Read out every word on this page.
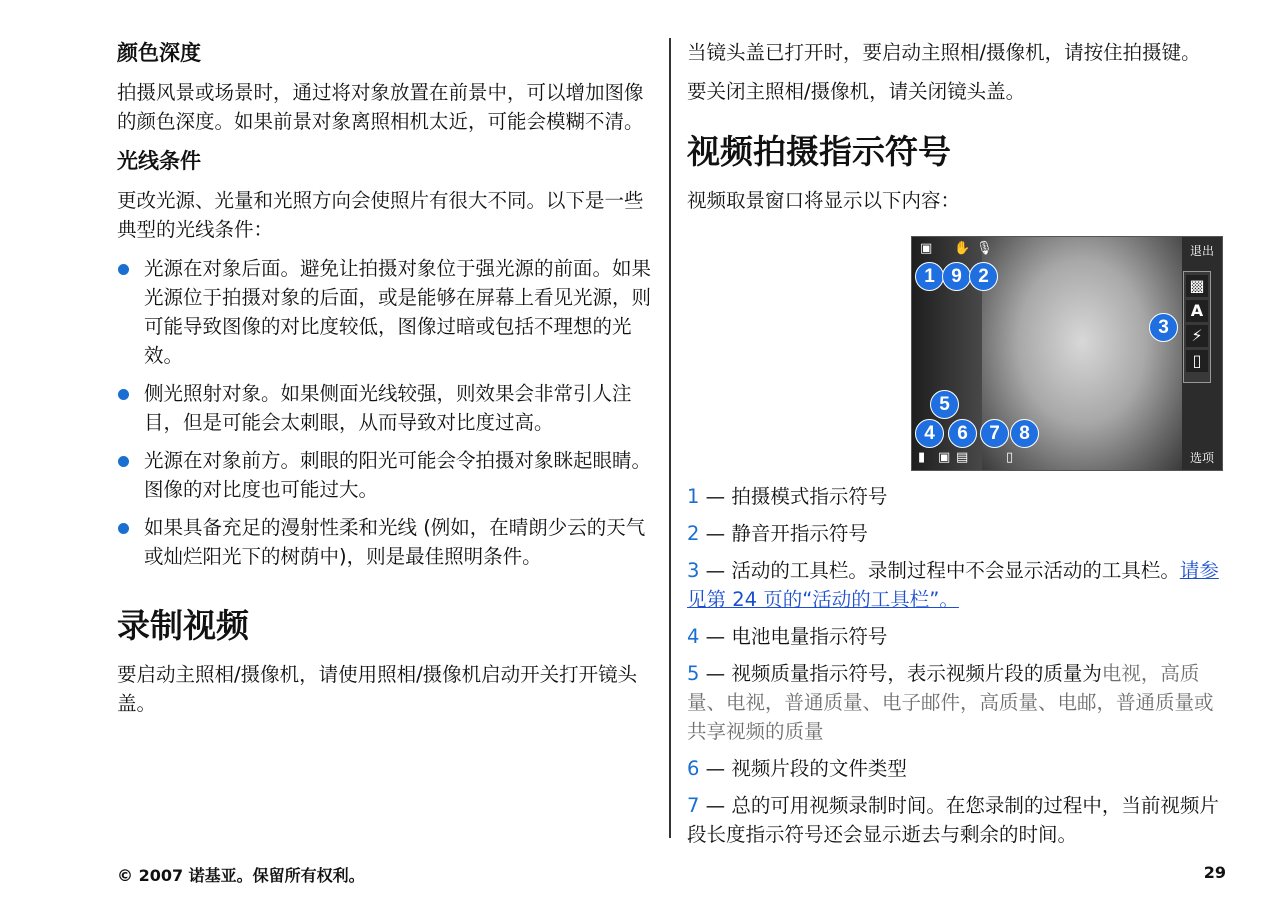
颜色深度
拍摄风景或场景时，通过将对象放置在前景中，可以增加图像的颜色深度。如果前景对象离照相机太近，可能会模糊不清。
光线条件
更改光源、光量和光照方向会使照片有很大不同。以下是一些典型的光线条件：
光源在对象后面。避免让拍摄对象位于强光源的前面。如果光源位于拍摄对象的后面，或是能够在屏幕上看见光源，则可能导致图像的对比度较低，图像过暗或包括不理想的光效。
侧光照射对象。如果侧面光线较强，则效果会非常引人注目，但是可能会太刺眼，从而导致对比度过高。
光源在对象前方。刺眼的阳光可能会令拍摄对象眯起眼睛。图像的对比度也可能过大。
如果具备充足的漫射性柔和光线 (例如，在晴朗少云的天气或灿烂阳光下的树荫中)，则是最佳照明条件。
录制视频
要启动主照相/摄像机，请使用照相/摄像机启动开关打开镜头盖。
当镜头盖已打开时，要启动主照相/摄像机，请按住拍摄键。
要关闭主照相/摄像机，请关闭镜头盖。
视频拍摄指示符号
视频取景窗口将显示以下内容：
▣ ✋ 🎙	退出
▩
A
⚡
▯
▮ ▣ ▤	▯	选项
1 9 2
3
5
4	6	7	8
1 — 拍摄模式指示符号
2 — 静音开指示符号
3 — 活动的工具栏。录制过程中不会显示活动的工具栏。请参见第 24 页的“活动的工具栏”。
4 — 电池电量指示符号
5 — 视频质量指示符号，表示视频片段的质量为电视，高质量、电视，普通质量、电子邮件，高质量、电邮，普通质量或共享视频的质量
6 — 视频片段的文件类型
7 — 总的可用视频录制时间。在您录制的过程中，当前视频片段长度指示符号还会显示逝去与剩余的时间。
© 2007 诺基亚。保留所有权利。	29
